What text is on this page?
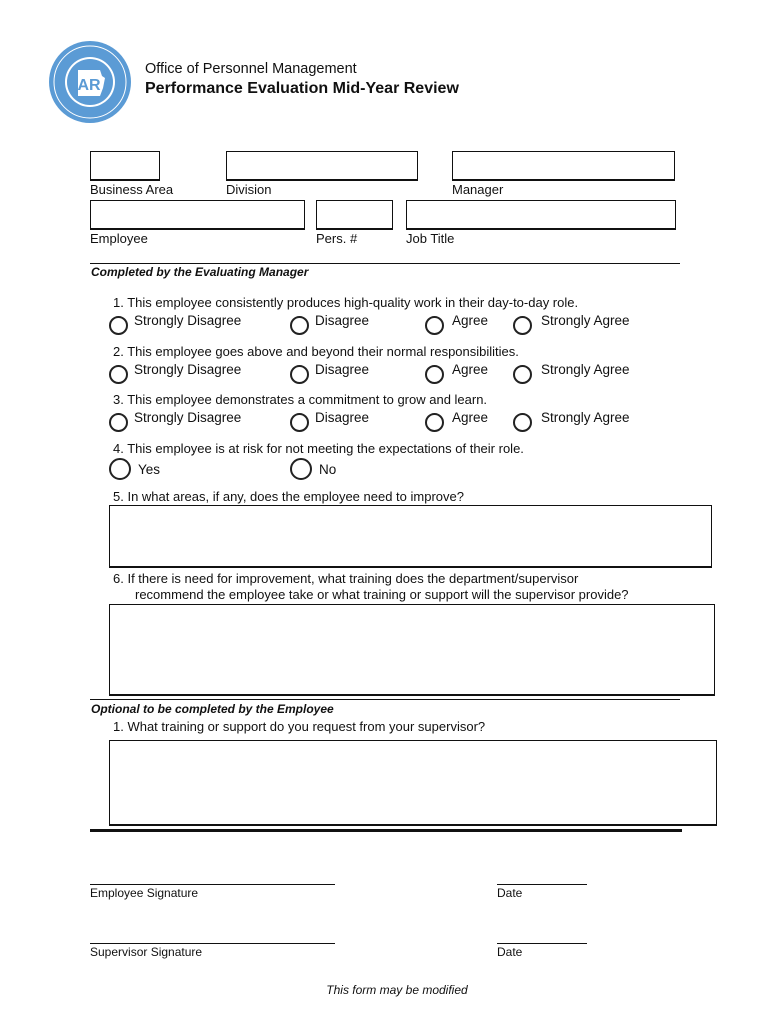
AR
Office of Personnel Management
Performance Evaluation Mid-Year Review
Business Area	Division	Manager
Employee	Pers. #	Job Title
Completed by the Evaluating Manager
1. This employee consistently produces high-quality work in their day-to-day role.
Strongly Disagree	Disagree	Agree	Strongly Agree
2. This employee goes above and beyond their normal responsibilities.
Strongly Disagree	Disagree	Agree	Strongly Agree
3. This employee demonstrates a commitment to grow and learn.
Strongly Disagree	Disagree	Agree	Strongly Agree
4. This employee is at risk for not meeting the expectations of their role.
Yes	No
5. In what areas, if any, does the employee need to improve?
6. If there is need for improvement, what training does the department/supervisor
recommend the employee take or what training or support will the supervisor provide?
Optional to be completed by the Employee
1. What training or support do you request from your supervisor?
Employee Signature	Date
Supervisor Signature	Date
This form may be modified
